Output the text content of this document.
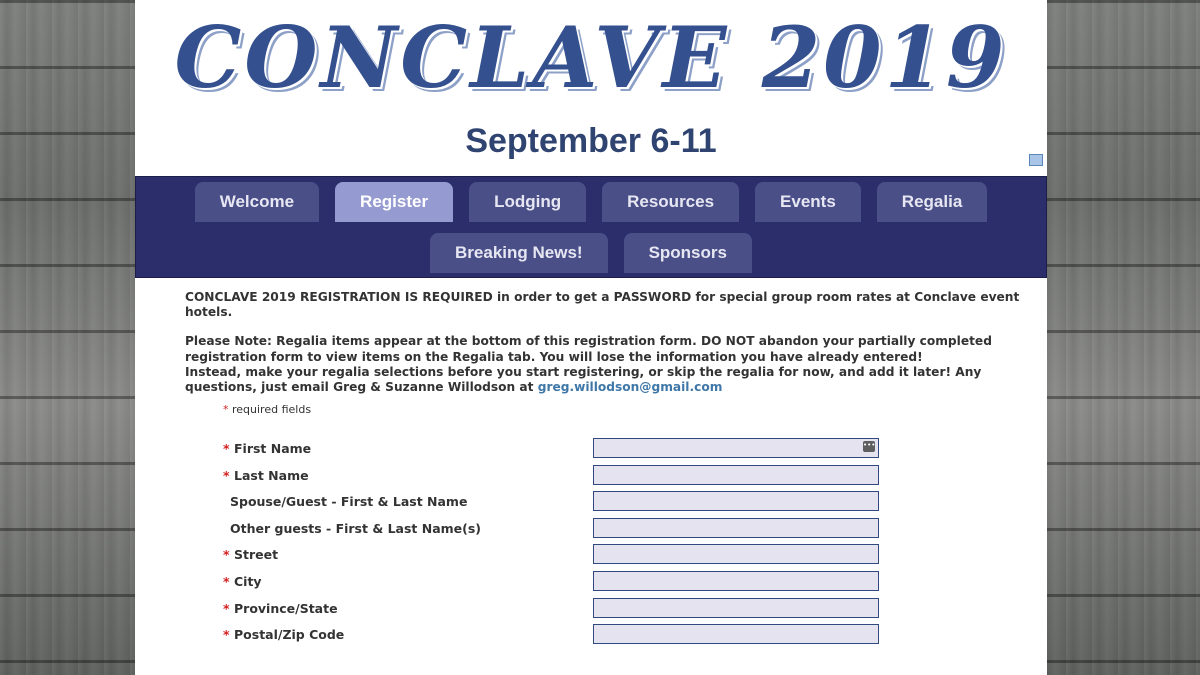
CONCLAVE 2019
September 6-11
Welcome	Register	Lodging	Resources	Events	Regalia
Breaking News!	Sponsors

CONCLAVE 2019 REGISTRATION IS REQUIRED in order to get a PASSWORD for special group room rates at Conclave event hotels.

Please Note: Regalia items appear at the bottom of this registration form. DO NOT abandon your partially completed registration form to view items on the Regalia tab. You will lose the information you have already entered!
Instead, make your regalia selections before you start registering, or skip the regalia for now, and add it later! Any questions, just email Greg & Suzanne Willodson at greg.willodson@gmail.com

* required fields
* First Name	•••
* Last Name
Spouse/Guest - First & Last Name
Other guests - First & Last Name(s)
* Street
* City
* Province/State
* Postal/Zip Code
